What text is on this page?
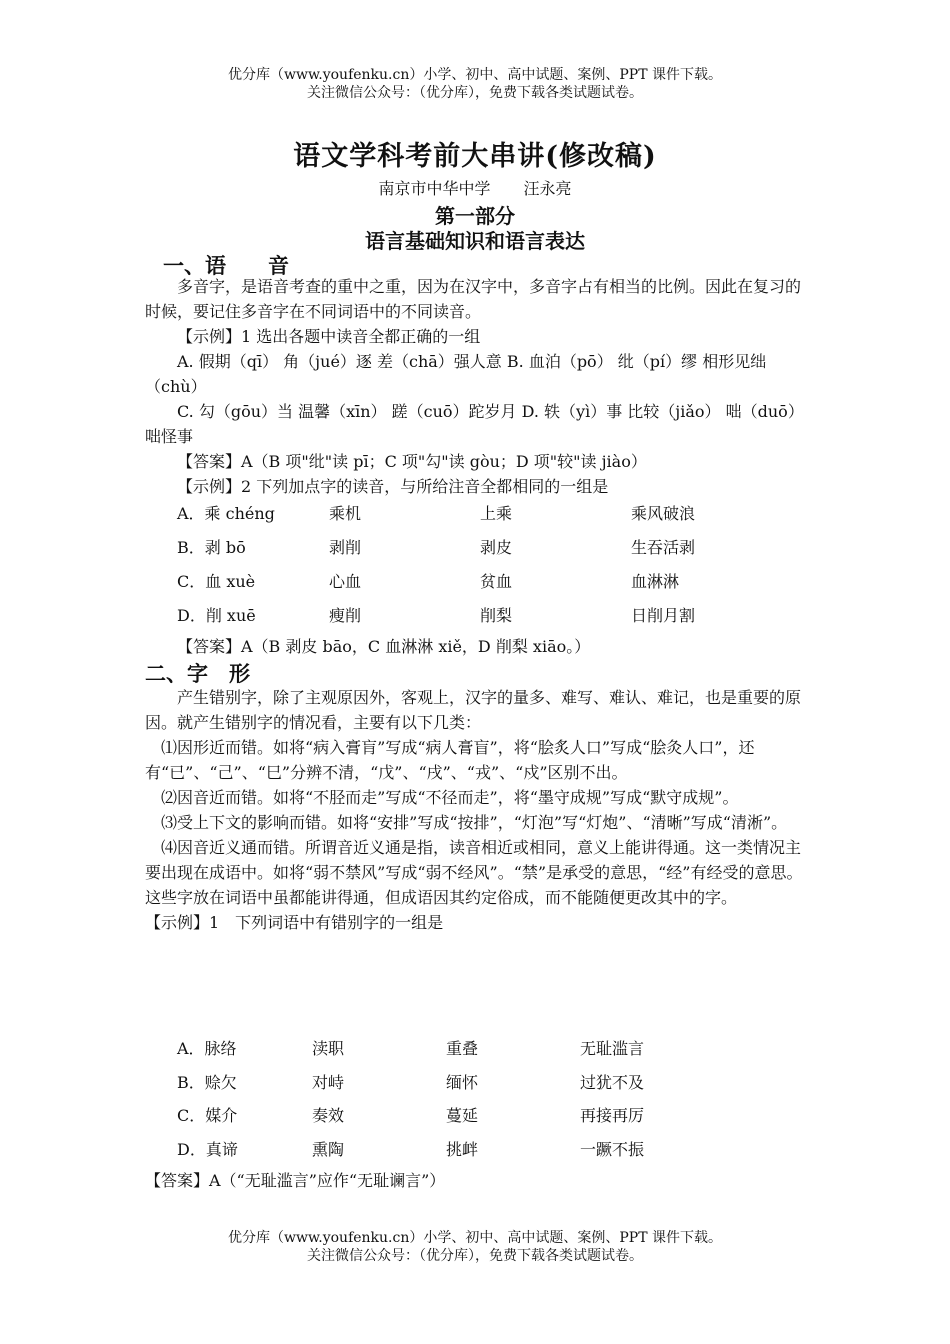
优分库（www.youfenku.cn）小学、初中、高中试题、案例、PPT 课件下载。
关注微信公众号：（优分库），免费下载各类试题试卷。
语文学科考前大串讲(修改稿)
南京市中华中学 汪永亮
第一部分
语言基础知识和语言表达
一、语　　音

多音字，是语音考查的重中之重，因为在汉字中，多音字占有相当的比例。因此在复习的时候，要记住多音字在不同词语中的不同读音。

【示例】1 选出各题中读音全都正确的一组

A. 假期（qī） 角（jué）逐 差（chā）强人意 B. 血泊（pō） 纰（pí）缪 相形见绌（chù）

C. 勾（gōu）当 温馨（xīn） 蹉（cuō）跎岁月 D. 轶（yì）事 比较（jiǎo） 咄（duō）咄怪事

【答案】A（B 项"纰"读 pī；C 项"勾"读 gòu；D 项"较"读 jiào）

【示例】2 下列加点字的读音，与所给注音全都相同的一组是

A．乘 chéng	乘机	上乘	乘风破浪
B．剥 bō	剥削	剥皮	生吞活剥
C．血 xuè	心血	贫血	血淋淋
D．削 xuē	瘦削	削梨	日削月割

【答案】A（B 剥皮 bāo，C 血淋淋 xiě，D 削梨 xiāo。）

二、字　形

产生错别字，除了主观原因外，客观上，汉字的量多、难写、难认、难记，也是重要的原因。就产生错别字的情况看，主要有以下几类：

⑴因形近而错。如将“病入膏肓”写成“病人膏盲”，将“脍炙人口”写成“脍灸人口”，还有“已”、“己”、“巳”分辨不清，“戊”、“戌”、“戎”、“戍”区别不出。

⑵因音近而错。如将“不胫而走”写成“不径而走”，将“墨守成规”写成“默守成规”。

⑶受上下文的影响而错。如将“安排”写成“按排”，“灯泡”写“灯炮”、“清晰”写成“清淅”。

⑷因音近义通而错。所谓音近义通是指，读音相近或相同，意义上能讲得通。这一类情况主要出现在成语中。如将“弱不禁风”写成“弱不经风”。“禁”是承受的意思，“经”有经受的意思。这些字放在词语中虽都能讲得通，但成语因其约定俗成，而不能随便更改其中的字。

【示例】1　下列词语中有错别字的一组是

A．脉络	渎职	重叠	无耻滥言
B．赊欠	对峙	缅怀	过犹不及
C．媒介	奏效	蔓延	再接再厉
D．真谛	熏陶	挑衅	一蹶不振

【答案】A（“无耻滥言”应作“无耻谰言”）

优分库（www.youfenku.cn）小学、初中、高中试题、案例、PPT 课件下载。
关注微信公众号：（优分库），免费下载各类试题试卷。
